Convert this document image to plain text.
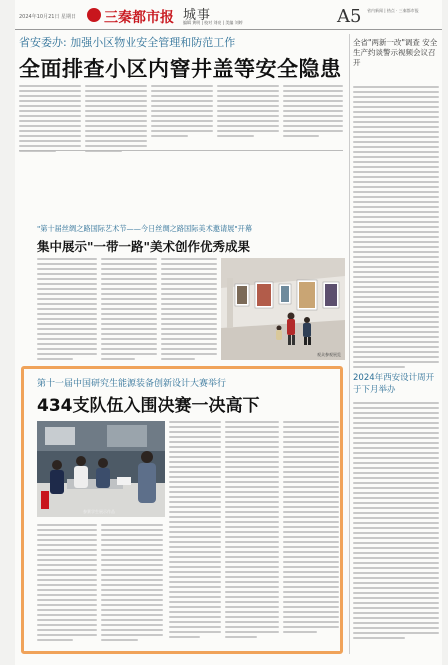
2024年10月21日 星期日 三秦都市报 城事
编辑 黄明 | 校对 刘亮 | 美编 刘婷	A5 省内新闻 | 热点 · 三秦都市报
省安委办: 加强小区物业安全管理和防范工作
全面排查小区内窨井盖等安全隐患
"第十届丝绸之路国际艺术节——今日丝绸之路国际美术邀请展"开幕
集中展示"一带一路"美术创作优秀成果
观众参观展览
第十一届中国研究生能源装备创新设计大赛举行
434支队伍入围决赛一决高下
参赛学生展示作品
全省"两新一改"调查 安全生产约谈警示视频会议召开
2024年西安设计周开于下月举办
